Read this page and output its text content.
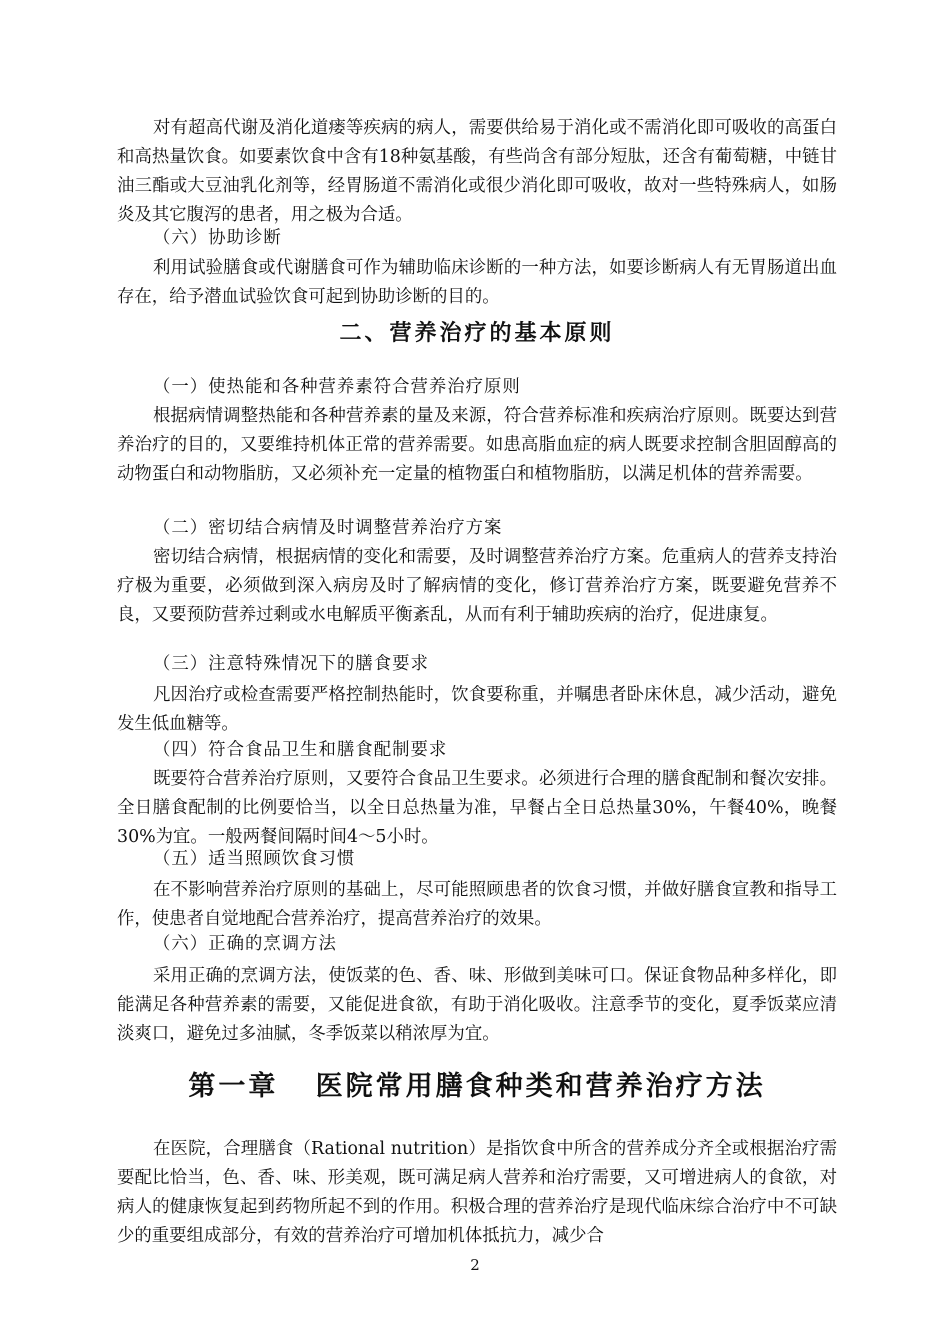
对有超高代谢及消化道瘘等疾病的病人，需要供给易于消化或不需消化即可吸收的高蛋白和高热量饮食。如要素饮食中含有18种氨基酸，有些尚含有部分短肽，还含有葡萄糖，中链甘油三酯或大豆油乳化剂等，经胃肠道不需消化或很少消化即可吸收，故对一些特殊病人，如肠炎及其它腹泻的患者，用之极为合适。

（六）协助诊断

利用试验膳食或代谢膳食可作为辅助临床诊断的一种方法，如要诊断病人有无胃肠道出血存在，给予潜血试验饮食可起到协助诊断的目的。

二、营养治疗的基本原则

（一）使热能和各种营养素符合营养治疗原则

根据病情调整热能和各种营养素的量及来源，符合营养标准和疾病治疗原则。既要达到营养治疗的目的，又要维持机体正常的营养需要。如患高脂血症的病人既要求控制含胆固醇高的动物蛋白和动物脂肪，又必须补充一定量的植物蛋白和植物脂肪，以满足机体的营养需要。

（二）密切结合病情及时调整营养治疗方案

密切结合病情，根据病情的变化和需要，及时调整营养治疗方案。危重病人的营养支持治疗极为重要，必须做到深入病房及时了解病情的变化，修订营养治疗方案，既要避免营养不良，又要预防营养过剩或水电解质平衡紊乱，从而有利于辅助疾病的治疗，促进康复。

（三）注意特殊情况下的膳食要求

凡因治疗或检查需要严格控制热能时，饮食要称重，并嘱患者卧床休息，减少活动，避免发生低血糖等。

（四）符合食品卫生和膳食配制要求

既要符合营养治疗原则，又要符合食品卫生要求。必须进行合理的膳食配制和餐次安排。全日膳食配制的比例要恰当，以全日总热量为准，早餐占全日总热量30%，午餐40%，晚餐30%为宜。一般两餐间隔时间4～5小时。

（五）适当照顾饮食习惯

在不影响营养治疗原则的基础上，尽可能照顾患者的饮食习惯，并做好膳食宣教和指导工作，使患者自觉地配合营养治疗，提高营养治疗的效果。

（六）正确的烹调方法

采用正确的烹调方法，使饭菜的色、香、味、形做到美味可口。保证食物品种多样化，即能满足各种营养素的需要，又能促进食欲，有助于消化吸收。注意季节的变化，夏季饭菜应清淡爽口，避免过多油腻，冬季饭菜以稍浓厚为宜。

第一章   医院常用膳食种类和营养治疗方法

在医院，合理膳食（Rational nutrition）是指饮食中所含的营养成分齐全或根据治疗需要配比恰当，色、香、味、形美观，既可满足病人营养和治疗需要，又可增进病人的食欲，对病人的健康恢复起到药物所起不到的作用。积极合理的营养治疗是现代临床综合治疗中不可缺少的重要组成部分，有效的营养治疗可增加机体抵抗力，减少合

2
